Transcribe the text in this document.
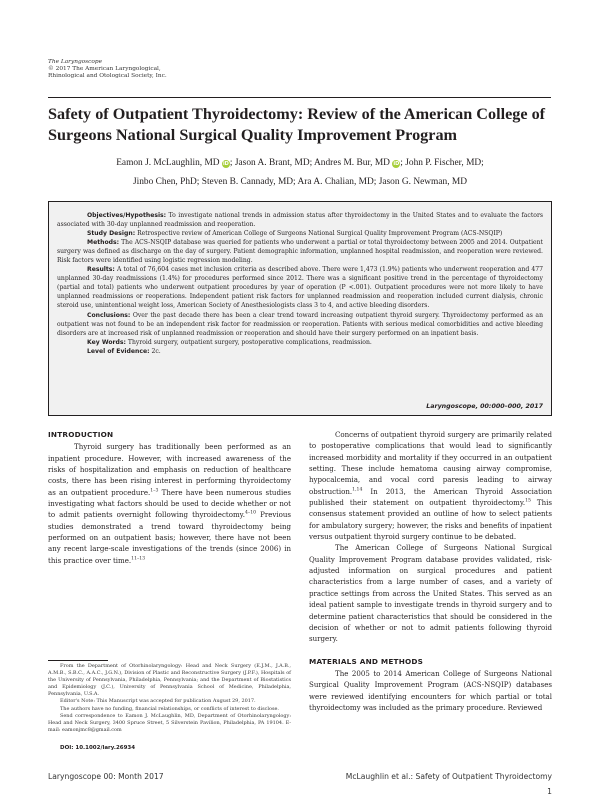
The Laryngoscope
© 2017 The American Laryngological,
Rhinological and Otological Society, Inc.
Safety of Outpatient Thyroidectomy: Review of the American College of Surgeons National Surgical Quality Improvement Program
Eamon J. McLaughlin, MD iD; Jason A. Brant, MD; Andres M. Bur, MD iD; John P. Fischer, MD;
Jinbo Chen, PhD; Steven B. Cannady, MD; Ara A. Chalian, MD; Jason G. Newman, MD

Objectives/Hypothesis: To investigate national trends in admission status after thyroidectomy in the United States and to evaluate the factors associated with 30-day unplanned readmission and reoperation.

Study Design: Retrospective review of American College of Surgeons National Surgical Quality Improvement Program (ACS-NSQIP)

Methods: The ACS-NSQIP database was queried for patients who underwent a partial or total thyroidectomy between 2005 and 2014. Outpatient surgery was defined as discharge on the day of surgery. Patient demographic information, unplanned hospital readmission, and reoperation were reviewed. Risk factors were identified using logistic regression modeling.

Results: A total of 76,604 cases met inclusion criteria as described above. There were 1,473 (1.9%) patients who underwent reoperation and 477 unplanned 30-day readmissions (1.4%) for procedures performed since 2012. There was a significant positive trend in the percentage of thyroidectomy (partial and total) patients who underwent outpatient procedures by year of operation (P <.001). Outpatient procedures were not more likely to have unplanned readmissions or reoperations. Independent patient risk factors for unplanned readmission and reoperation included current dialysis, chronic steroid use, unintentional weight loss, American Society of Anesthesiologists class 3 to 4, and active bleeding disorders.

Conclusions: Over the past decade there has been a clear trend toward increasing outpatient thyroid surgery. Thyroidectomy performed as an outpatient was not found to be an independent risk factor for readmission or reoperation. Patients with serious medical comorbidities and active bleeding disorders are at increased risk of unplanned readmission or reoperation and should have their surgery performed on an inpatient basis.

Key Words: Thyroid surgery, outpatient surgery, postoperative complications, readmission.

Level of Evidence: 2c.

Laryngoscope, 00:000–000, 2017
INTRODUCTION

Thyroid surgery has traditionally been performed as an inpatient procedure. However, with increased awareness of the risks of hospitalization and emphasis on reduction of healthcare costs, there has been rising interest in performing thyroidectomy as an outpatient procedure.$^{1-3}$ There have been numerous studies investigating what factors should be used to decide whether or not to admit patients overnight following thyroidectomy.$^{4-10}$ Previous studies demonstrated a trend toward thyroidectomy being performed on an outpatient basis; however, there have not been any recent large-scale investigations of the trends (since 2006) in this practice over time.$^{11-13}$

Concerns of outpatient thyroid surgery are primarily related to postoperative complications that would lead to significantly increased morbidity and mortality if they occurred in an outpatient setting. These include hematoma causing airway compromise, hypocalcemia, and vocal cord paresis leading to airway obstruction.$^{1,14}$ In 2013, the American Thyroid Association published their statement on outpatient thyroidectomy.$^{15}$ This consensus statement provided an outline of how to select patients for ambulatory surgery; however, the risks and benefits of inpatient versus outpatient thyroid surgery continue to be debated.

The American College of Surgeons National Surgical Quality Improvement Program database provides validated, risk-adjusted information on surgical procedures and patient characteristics from a large number of cases, and a variety of practice settings from across the United States. This served as an ideal patient sample to investigate trends in thyroid surgery and to determine patient characteristics that should be considered in the decision of whether or not to admit patients following thyroid surgery.

MATERIALS AND METHODS

The 2005 to 2014 American College of Surgeons National Surgical Quality Improvement Program (ACS-NSQIP) databases were reviewed identifying encounters for which partial or total thyroidectomy was included as the primary procedure. Reviewed

From the Department of Otorhinolaryngology: Head and Neck Surgery (E.J.M., J.A.B., A.M.B., S.B.C., A.A.C., J.G.N.), Division of Plastic and Reconstructive Surgery (J.P.F.), Hospitals of the University of Pennsylvania, Philadelphia, Pennsylvania; and the Department of Biostatistics and Epidemiology (J.C.), University of Pennsylvania School of Medicine, Philadelphia, Pennsylvania, U.S.A.

Editor's Note: This Manuscript was accepted for publication August 29, 2017.

The authors have no funding, financial relationships, or conflicts of interest to disclose.

Send correspondence to Eamon J. McLaughlin, MD, Department of Otorhinolaryngology: Head and Neck Surgery, 3400 Spruce Street, 5 Silverstein Pavilion, Philadelphia, PA 19104. E-mail: eamonjmc8@gmail.com

DOI: 10.1002/lary.26934
Laryngoscope 00: Month 2017	McLaughlin et al.: Safety of Outpatient Thyroidectomy
1
